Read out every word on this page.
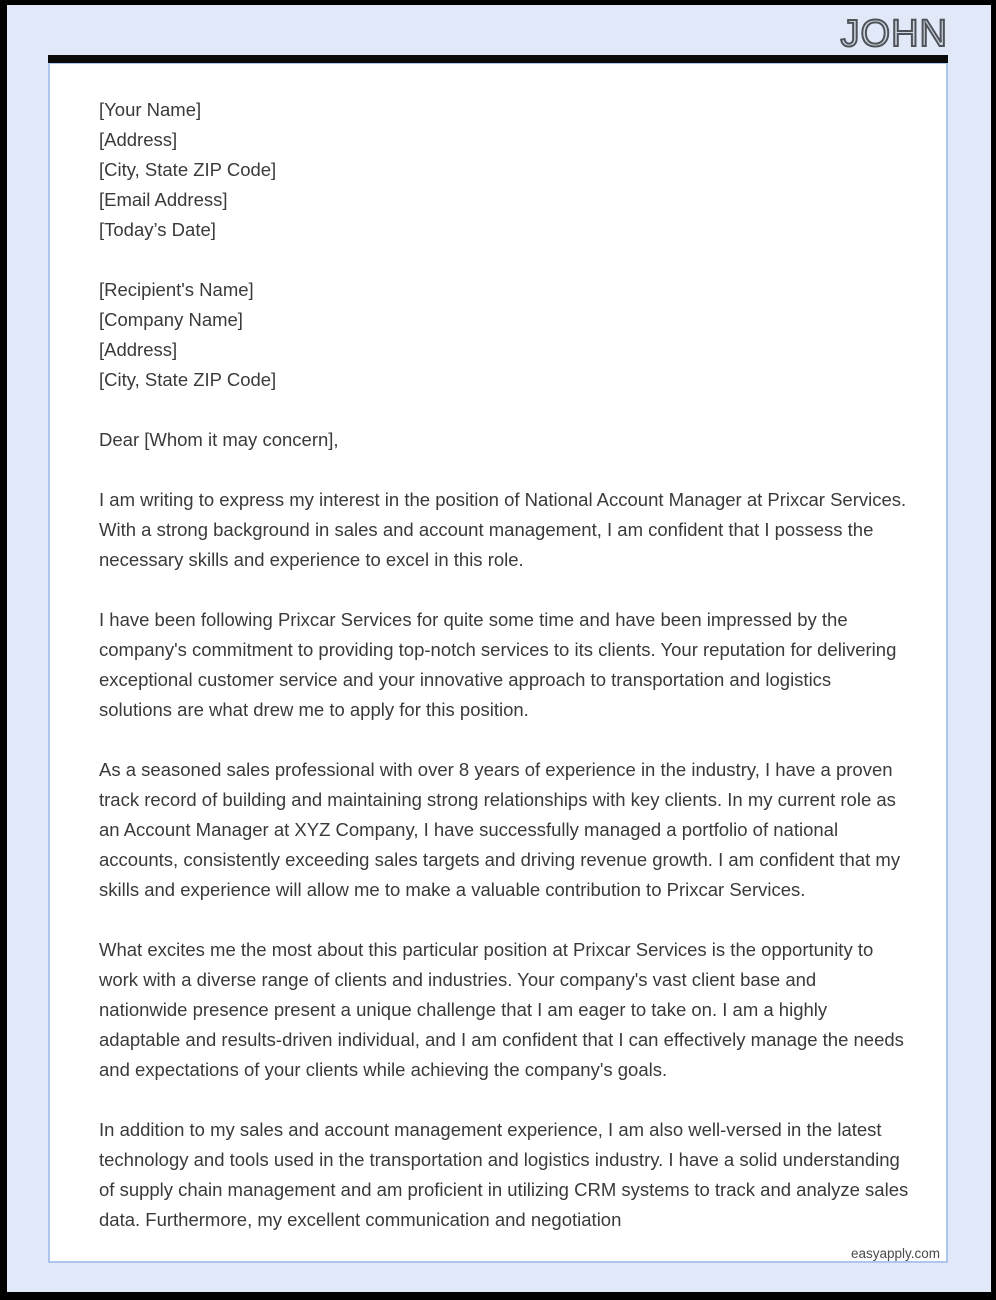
JOHN
[Your Name]
[Address]
[City, State ZIP Code]
[Email Address]
[Today’s Date]
[Recipient's Name]
[Company Name]
[Address]
[City, State ZIP Code]
Dear [Whom it may concern],

I am writing to express my interest in the position of National Account Manager at Prixcar Services. With a strong background in sales and account management, I am confident that I possess the necessary skills and experience to excel in this role.

I have been following Prixcar Services for quite some time and have been impressed by the company's commitment to providing top-notch services to its clients. Your reputation for delivering exceptional customer service and your innovative approach to transportation and logistics solutions are what drew me to apply for this position.

As a seasoned sales professional with over 8 years of experience in the industry, I have a proven track record of building and maintaining strong relationships with key clients. In my current role as an Account Manager at XYZ Company, I have successfully managed a portfolio of national accounts, consistently exceeding sales targets and driving revenue growth. I am confident that my skills and experience will allow me to make a valuable contribution to Prixcar Services.

What excites me the most about this particular position at Prixcar Services is the opportunity to work with a diverse range of clients and industries. Your company's vast client base and nationwide presence present a unique challenge that I am eager to take on. I am a highly adaptable and results-driven individual, and I am confident that I can effectively manage the needs and expectations of your clients while achieving the company's goals.

In addition to my sales and account management experience, I am also well-versed in the latest technology and tools used in the transportation and logistics industry. I have a solid understanding of supply chain management and am proficient in utilizing CRM systems to track and analyze sales data. Furthermore, my excellent communication and negotiation

easyapply.com
